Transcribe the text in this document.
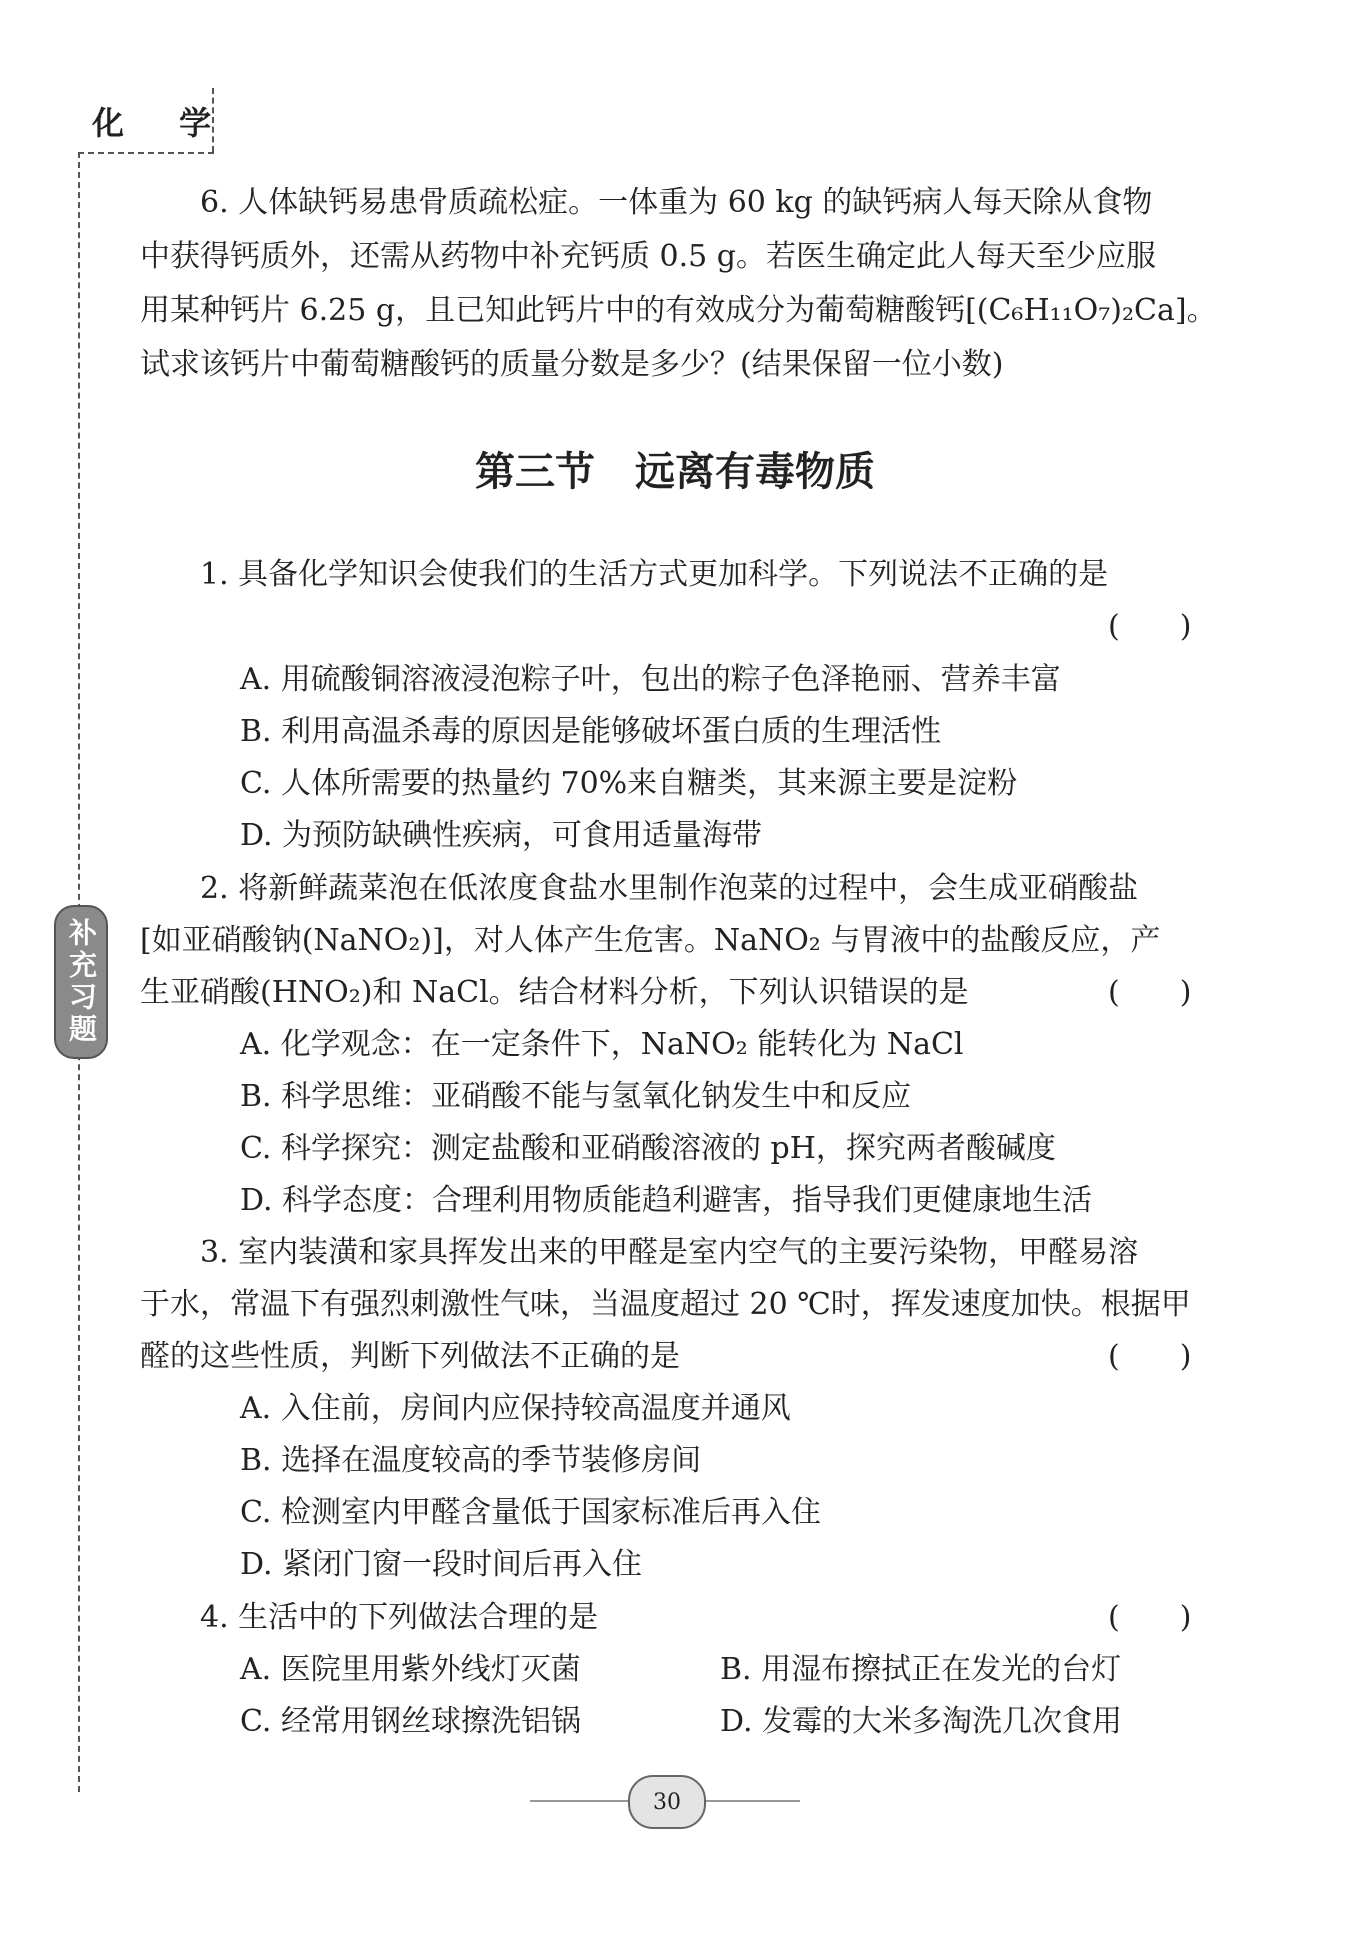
化 学
补充习题
6. 人体缺钙易患骨质疏松症。一体重为 60 kg 的缺钙病人每天除从食物
中获得钙质外，还需从药物中补充钙质 0.5 g。若医生确定此人每天至少应服
用某种钙片 6.25 g，且已知此钙片中的有效成分为葡萄糖酸钙[(C₆H₁₁O₇)₂Ca]。
试求该钙片中葡萄糖酸钙的质量分数是多少？(结果保留一位小数)
第三节　远离有毒物质
1. 具备化学知识会使我们的生活方式更加科学。下列说法不正确的是
(　　)
A. 用硫酸铜溶液浸泡粽子叶，包出的粽子色泽艳丽、营养丰富
B. 利用高温杀毒的原因是能够破坏蛋白质的生理活性
C. 人体所需要的热量约 70%来自糖类，其来源主要是淀粉
D. 为预防缺碘性疾病，可食用适量海带
2. 将新鲜蔬菜泡在低浓度食盐水里制作泡菜的过程中，会生成亚硝酸盐
[如亚硝酸钠(NaNO₂)]，对人体产生危害。NaNO₂ 与胃液中的盐酸反应，产
生亚硝酸(HNO₂)和 NaCl。结合材料分析，下列认识错误的是	(　　)
A. 化学观念：在一定条件下，NaNO₂ 能转化为 NaCl
B. 科学思维：亚硝酸不能与氢氧化钠发生中和反应
C. 科学探究：测定盐酸和亚硝酸溶液的 pH，探究两者酸碱度
D. 科学态度：合理利用物质能趋利避害，指导我们更健康地生活
3. 室内装潢和家具挥发出来的甲醛是室内空气的主要污染物，甲醛易溶
于水，常温下有强烈刺激性气味，当温度超过 20 ℃时，挥发速度加快。根据甲
醛的这些性质，判断下列做法不正确的是	(　　)
A. 入住前，房间内应保持较高温度并通风
B. 选择在温度较高的季节装修房间
C. 检测室内甲醛含量低于国家标准后再入住
D. 紧闭门窗一段时间后再入住
4. 生活中的下列做法合理的是	(　　)
A. 医院里用紫外线灯灭菌	B. 用湿布擦拭正在发光的台灯
C. 经常用钢丝球擦洗铝锅	D. 发霉的大米多淘洗几次食用
30
